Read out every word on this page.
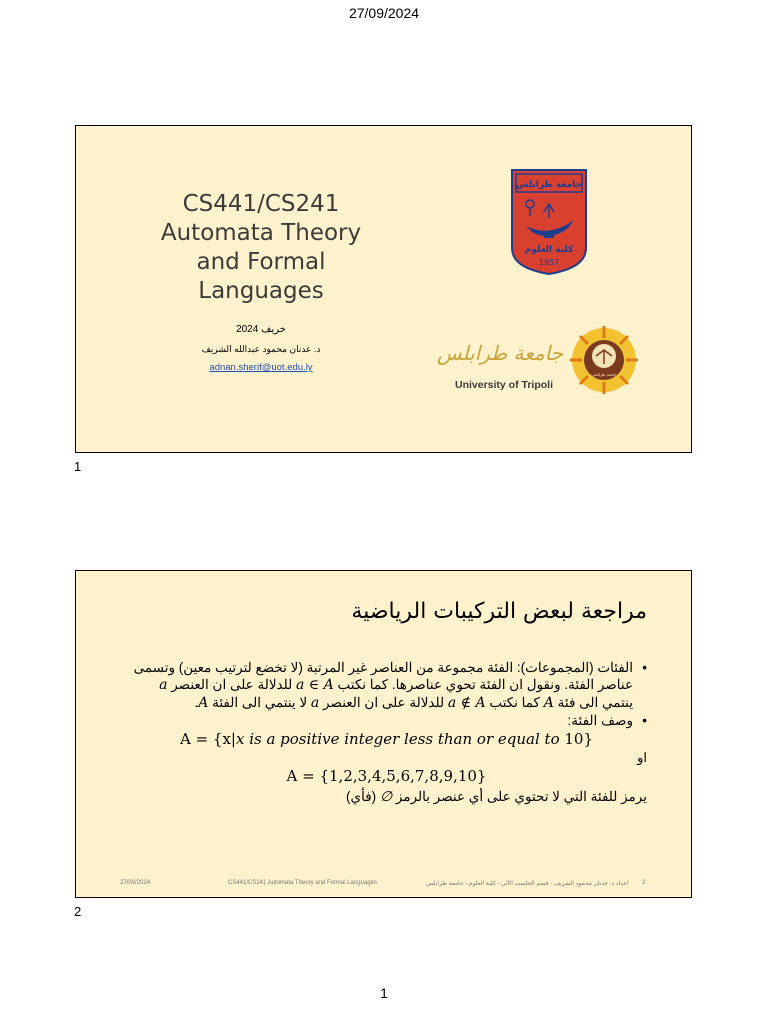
27/09/2024
CS441/CS241
Automata Theory
and Formal
Languages
خريف 2024
د. عدنان محمود عبدالله الشريف
adnan.sherif@uot.edu.ly
جامعة طرابلس
كلية العلوم
1957
جامعة طرابلس
University of Tripoli
جامعة طرابلس
1
مراجعة لبعض التركيبات الرياضية
• الفئات (المجموعات): الفئة مجموعة من العناصر غير المرتبة (لا تخضع لترتيب معين) وتسمى عناصر الفئة. ونقول ان الفئة تحوي عناصرها. كما نكتب a ∈ A للدلالة على ان العنصر a ينتمي الى فئة A كما نكتب a ∉ A للدلالة على ان العنصر a لا ينتمي الى الفئة A.
• وصف الفئة:
A = {x|x is a positive integer less than or equal to 10}
او
A = {1,2,3,4,5,6,7,8,9,10}
يرمز للفئة التي لا تحتوي على أي عنصر بالرمز ∅ (فأي)
27/09/2024	CS441/CS241 Automata Theory and Formal Languages	اعداد د. عدنان محمود الشريف - قسم الحاسب الآلي - كلية العلوم - جامعة طرابلس 2
2
1
